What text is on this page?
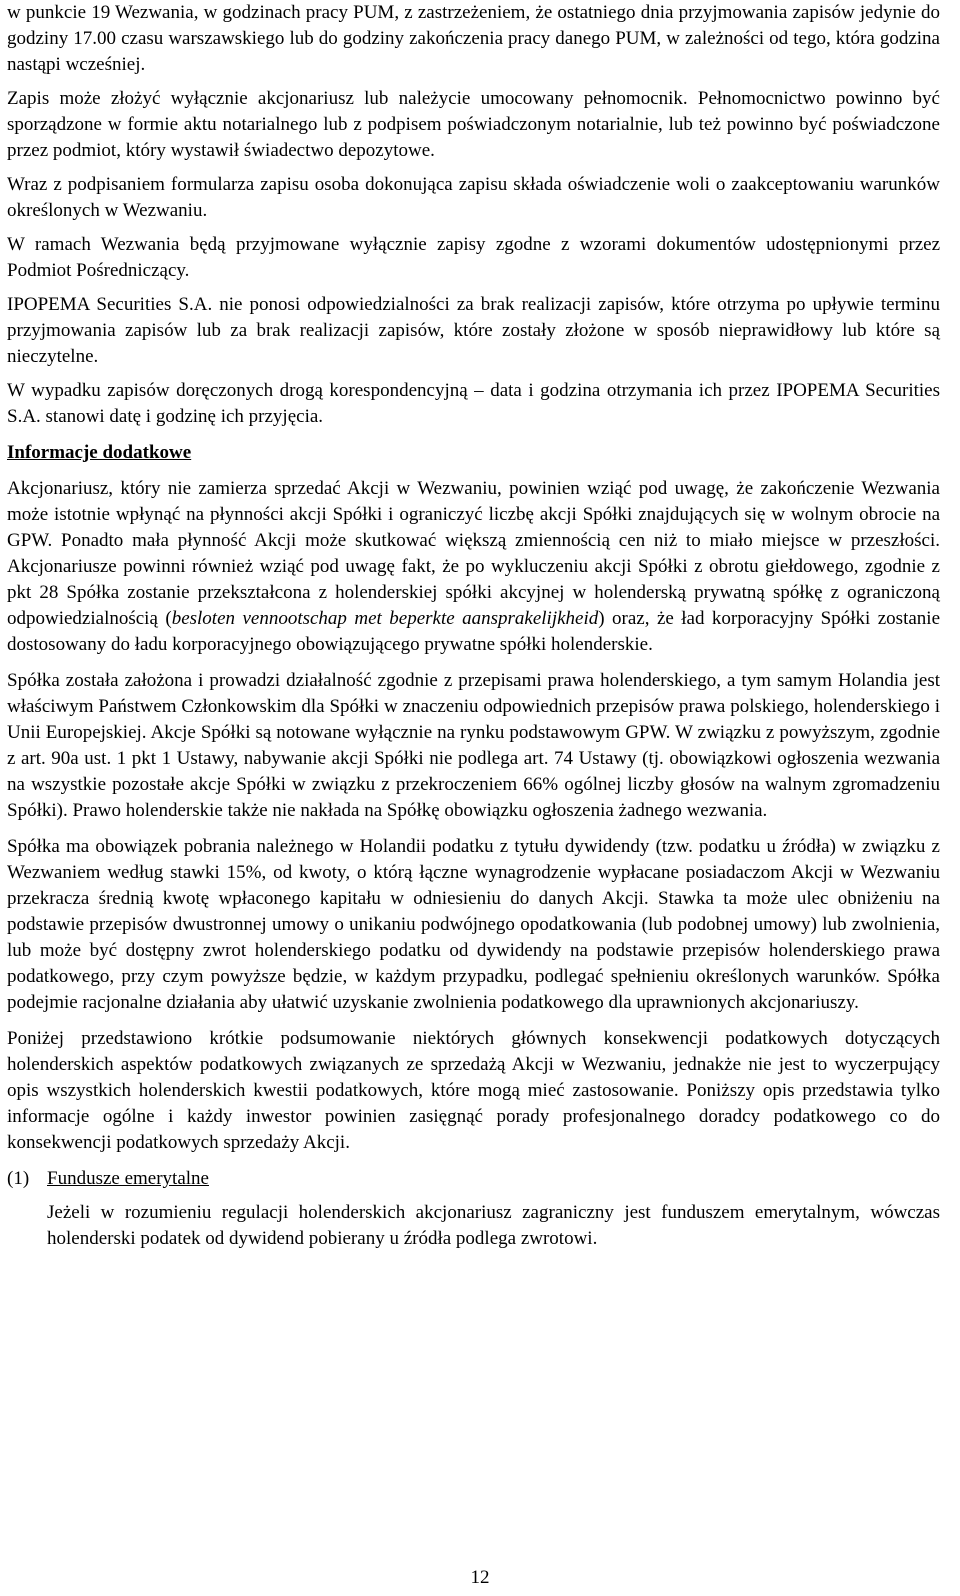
w punkcie 19 Wezwania, w godzinach pracy PUM, z zastrzeżeniem, że ostatniego dnia przyjmowania zapisów jedynie do godziny 17.00 czasu warszawskiego lub do godziny zakończenia pracy danego PUM, w zależności od tego, która godzina nastąpi wcześniej.

Zapis może złożyć wyłącznie akcjonariusz lub należycie umocowany pełnomocnik. Pełnomocnictwo powinno być sporządzone w formie aktu notarialnego lub z podpisem poświadczonym notarialnie, lub też powinno być poświadczone przez podmiot, który wystawił świadectwo depozytowe.

Wraz z podpisaniem formularza zapisu osoba dokonująca zapisu składa oświadczenie woli o zaakceptowaniu warunków określonych w Wezwaniu.

W ramach Wezwania będą przyjmowane wyłącznie zapisy zgodne z wzorami dokumentów udostępnionymi przez Podmiot Pośredniczący.

IPOPEMA Securities S.A. nie ponosi odpowiedzialności za brak realizacji zapisów, które otrzyma po upływie terminu przyjmowania zapisów lub za brak realizacji zapisów, które zostały złożone w sposób nieprawidłowy lub które są nieczytelne.

W wypadku zapisów doręczonych drogą korespondencyjną – data i godzina otrzymania ich przez IPOPEMA Securities S.A. stanowi datę i godzinę ich przyjęcia.

Informacje dodatkowe

Akcjonariusz, który nie zamierza sprzedać Akcji w Wezwaniu, powinien wziąć pod uwagę, że zakończenie Wezwania może istotnie wpłynąć na płynności akcji Spółki i ograniczyć liczbę akcji Spółki znajdujących się w wolnym obrocie na GPW. Ponadto mała płynność Akcji może skutkować większą zmiennością cen niż to miało miejsce w przeszłości. Akcjonariusze powinni również wziąć pod uwagę fakt, że po wykluczeniu akcji Spółki z obrotu giełdowego, zgodnie z pkt 28 Spółka zostanie przekształcona z holenderskiej spółki akcyjnej w holenderską prywatną spółkę z ograniczoną odpowiedzialnością (besloten vennootschap met beperkte aansprakelijkheid) oraz, że ład korporacyjny Spółki zostanie dostosowany do ładu korporacyjnego obowiązującego prywatne spółki holenderskie.

Spółka została założona i prowadzi działalność zgodnie z przepisami prawa holenderskiego, a tym samym Holandia jest właściwym Państwem Członkowskim dla Spółki w znaczeniu odpowiednich przepisów prawa polskiego, holenderskiego i Unii Europejskiej. Akcje Spółki są notowane wyłącznie na rynku podstawowym GPW. W związku z powyższym, zgodnie z art. 90a ust. 1 pkt 1 Ustawy, nabywanie akcji Spółki nie podlega art. 74 Ustawy (tj. obowiązkowi ogłoszenia wezwania na wszystkie pozostałe akcje Spółki w związku z przekroczeniem 66% ogólnej liczby głosów na walnym zgromadzeniu Spółki). Prawo holenderskie także nie nakłada na Spółkę obowiązku ogłoszenia żadnego wezwania.

Spółka ma obowiązek pobrania należnego w Holandii podatku z tytułu dywidendy (tzw. podatku u źródła) w związku z Wezwaniem według stawki 15%, od kwoty, o którą łączne wynagrodzenie wypłacane posiadaczom Akcji w Wezwaniu przekracza średnią kwotę wpłaconego kapitału w odniesieniu do danych Akcji. Stawka ta może ulec obniżeniu na podstawie przepisów dwustronnej umowy o unikaniu podwójnego opodatkowania (lub podobnej umowy) lub zwolnienia, lub może być dostępny zwrot holenderskiego podatku od dywidendy na podstawie przepisów holenderskiego prawa podatkowego, przy czym powyższe będzie, w każdym przypadku, podlegać spełnieniu określonych warunków. Spółka podejmie racjonalne działania aby ułatwić uzyskanie zwolnienia podatkowego dla uprawnionych akcjonariuszy.

Poniżej przedstawiono krótkie podsumowanie niektórych głównych konsekwencji podatkowych dotyczących holenderskich aspektów podatkowych związanych ze sprzedażą Akcji w Wezwaniu, jednakże nie jest to wyczerpujący opis wszystkich holenderskich kwestii podatkowych, które mogą mieć zastosowanie. Poniższy opis przedstawia tylko informacje ogólne i każdy inwestor powinien zasięgnąć porady profesjonalnego doradcy podatkowego co do konsekwencji podatkowych sprzedaży Akcji.

(1) Fundusze emerytalne

Jeżeli w rozumieniu regulacji holenderskich akcjonariusz zagraniczny jest funduszem emerytalnym, wówczas holenderski podatek od dywidend pobierany u źródła podlega zwrotowi.

12
